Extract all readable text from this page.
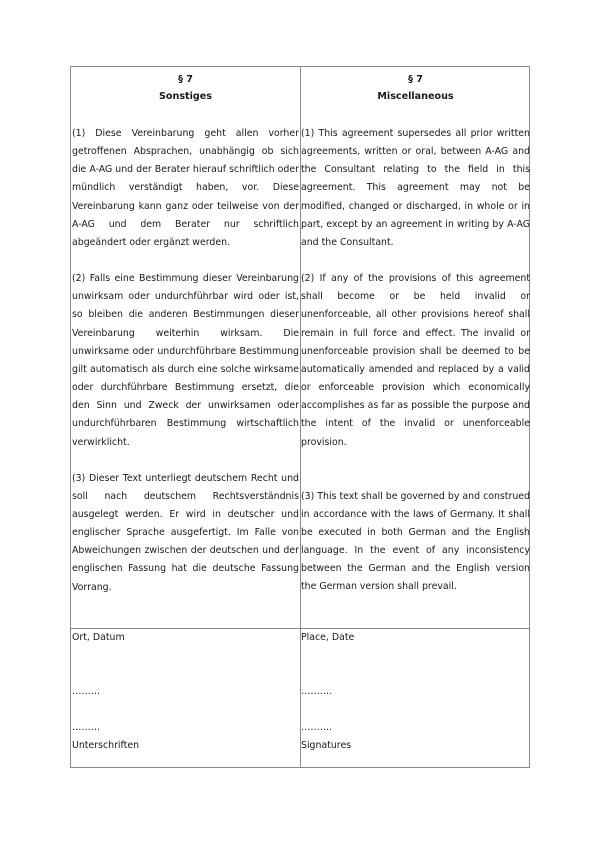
§ 7
Sonstiges

(1) Diese Vereinbarung geht allen vorher getroffenen Absprachen, unabhängig ob sich die A-AG und der Berater hierauf schriftlich oder mündlich verständigt haben, vor. Diese Vereinbarung kann ganz oder teilweise von der A-AG und dem Berater nur schriftlich abgeändert oder ergänzt werden.

(2) Falls eine Bestimmung dieser Vereinbarung unwirksam oder undurchführbar wird oder ist, so bleiben die anderen Bestimmungen dieser Vereinbarung weiterhin wirksam. Die unwirksame oder undurchführbare Bestimmung gilt automatisch als durch eine solche wirksame oder durchführbare Bestimmung ersetzt, die den Sinn und Zweck der unwirksamen oder undurchführbaren Bestimmung wirtschaftlich verwirklicht.

(3) Dieser Text unterliegt deutschem Recht und soll nach deutschem Rechtsverständnis ausgelegt werden. Er wird in deutscher und englischer Sprache ausgefertigt. Im Falle von Abweichungen zwischen der deutschen und der englischen Fassung hat die deutsche Fassung Vorrang.

§ 7
Miscellaneous

(1) This agreement supersedes all prior written agreements, written or oral, between A-AG and the Consultant relating to the field in this agreement. This agreement may not be modified, changed or discharged, in whole or in part, except by an agreement in writing by A-AG and the Consultant.

(2) If any of the provisions of this agreement shall become or be held invalid or unenforceable, all other provisions hereof shall remain in full force and effect. The invalid or unenforceable provision shall be deemed to be automatically amended and replaced by a valid or enforceable provision which economically accomplishes as far as possible the purpose and the intent of the invalid or unenforceable provision.

(3) This text shall be governed by and construed in accordance with the laws of Germany. It shall be executed in both German and the English language. In the event of any inconsistency between the German and the English version the German version shall prevail.

Ort, Datum
………
………
Unterschriften
Place, Date
……….
……….
Signatures
